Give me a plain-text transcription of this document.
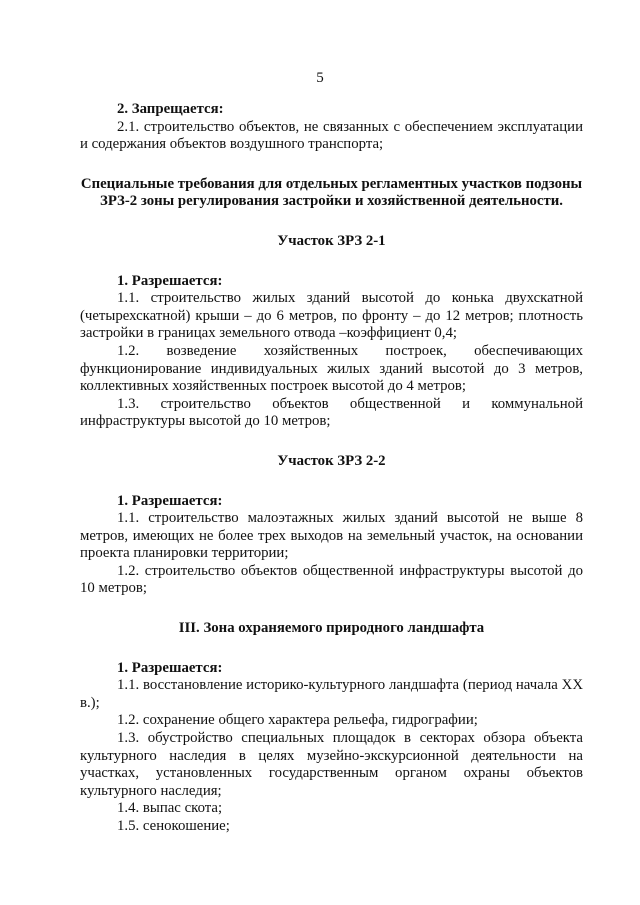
5

2. Запрещается:

2.1. строительство объектов, не связанных с обеспечением эксплуатации и содержания объектов воздушного транспорта;

Специальные требования для отдельных регламентных участков подзоны ЗРЗ-2 зоны регулирования застройки и хозяйственной деятельности.

Участок ЗРЗ 2-1

1. Разрешается:

1.1. строительство жилых зданий высотой до конька двухскатной (четырехскатной) крыши – до 6 метров, по фронту – до 12 метров; плотность застройки в границах земельного отвода –коэффициент 0,4;

1.2. возведение хозяйственных построек, обеспечивающих функционирование индивидуальных жилых зданий высотой до 3 метров, коллективных хозяйственных построек высотой до 4 метров;

1.3. строительство объектов общественной и коммунальной инфраструктуры высотой до 10 метров;

Участок ЗРЗ 2-2

1. Разрешается:

1.1. строительство малоэтажных жилых зданий высотой не выше 8 метров, имеющих не более трех выходов на земельный участок, на основании проекта планировки территории;

1.2. строительство объектов общественной инфраструктуры высотой до 10 метров;

III. Зона охраняемого природного ландшафта

1. Разрешается:

1.1. восстановление историко-культурного ландшафта (период начала XX в.);

1.2. сохранение общего характера рельефа, гидрографии;

1.3. обустройство специальных площадок в секторах обзора объекта культурного наследия в целях музейно-экскурсионной деятельности на участках, установленных государственным органом охраны объектов культурного наследия;

1.4. выпас скота;

1.5. сенокошение;
